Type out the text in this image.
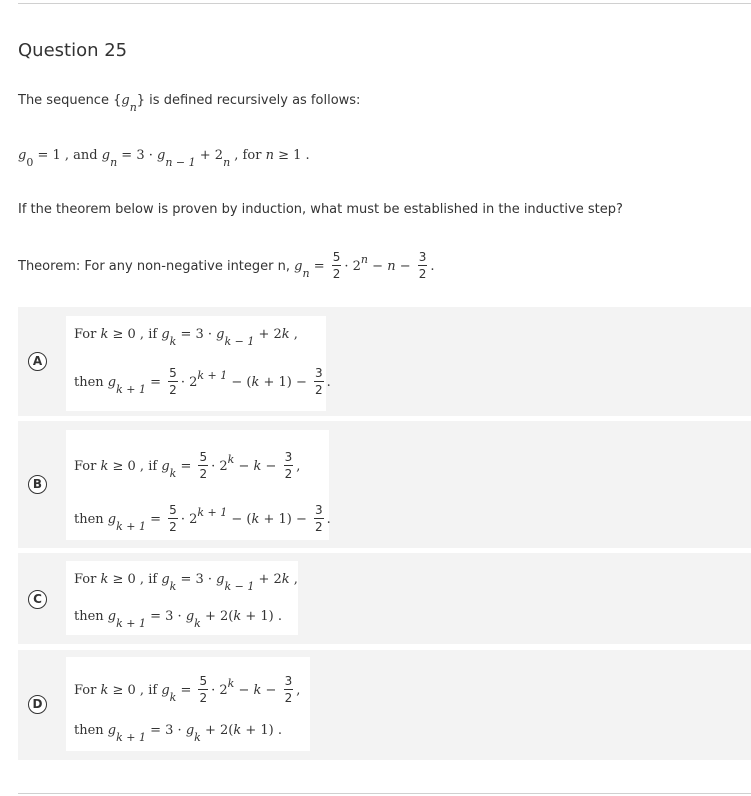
Question 25
The sequence $\{g_n\}$ is defined recursively as follows:
$g_0 = 1$ , and $g_n = 3 \cdot g_{n - 1} + 2_n$ , for n ≥ 1 .
If the theorem below is proven by induction, what must be established in the inductive step?
Theorem: For any non-negative integer n, $g_n = \frac{5}{2} \cdot 2^n - n - \frac{3}{2}$ .
A
For k ≥ 0 , if $g_k = 3 \cdot g_{k - 1} + 2k$ ,
then $g_{k + 1} = \frac{5}{2} \cdot 2^{k + 1} - (k + 1) - \frac{3}{2}$ .
B
For k ≥ 0 , if $g_k = \frac{5}{2} \cdot 2^k - k - \frac{3}{2}$ ,
then $g_{k + 1} = \frac{5}{2} \cdot 2^{k + 1} - (k + 1) - \frac{3}{2}$ .
C
For k ≥ 0 , if $g_k = 3 \cdot g_{k - 1} + 2k$ ,
then $g_{k + 1} = 3 \cdot g_k + 2(k + 1)$ .
D
For k ≥ 0 , if $g_k = \frac{5}{2} \cdot 2^k - k - \frac{3}{2}$ ,
then $g_{k + 1} = 3 \cdot g_k + 2(k + 1)$ .
